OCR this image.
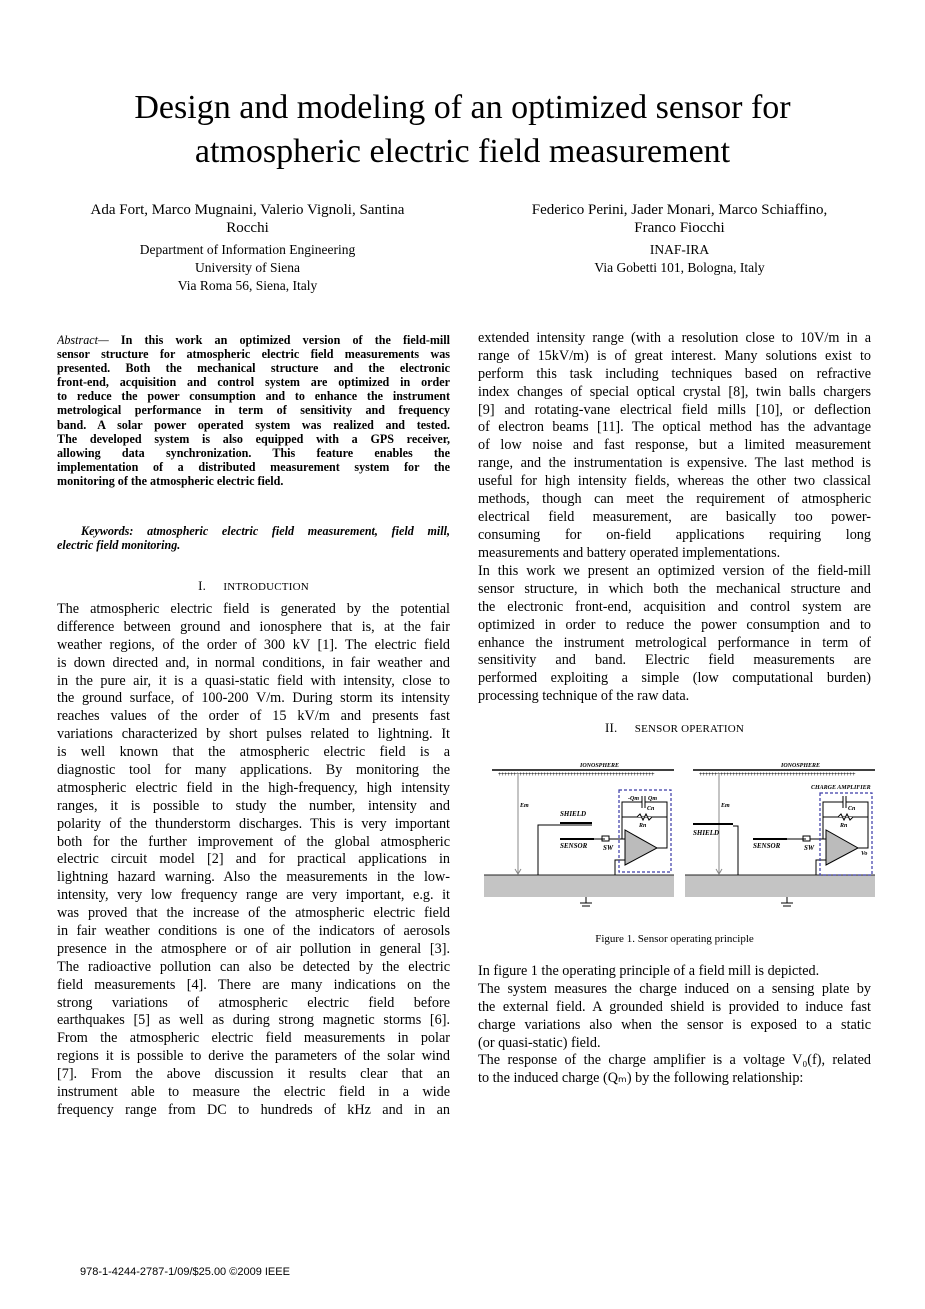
Design and modeling of an optimized sensor for
atmospheric electric field measurement
Ada Fort, Marco Mugnaini, Valerio Vignoli, Santina
Rocchi
Department of Information Engineering
University of Siena
Via Roma 56, Siena, Italy
Federico Perini, Jader Monari, Marco Schiaffino,
Franco Fiocchi
INAF-IRA
Via Gobetti 101, Bologna, Italy
Abstract— In this work an optimized version of the field-mill
sensor structure for atmospheric electric field measurements was
presented. Both the mechanical structure and the electronic
front-end, acquisition and control system are optimized in order
to reduce the power consumption and to enhance the instrument
metrological performance in term of sensitivity and frequency
band. A solar power operated system was realized and tested.
The developed system is also equipped with a GPS receiver,
allowing data synchronization. This feature enables the
implementation of a distributed measurement system for the
monitoring of the atmospheric electric field.
Keywords: atmospheric electric field measurement, field mill,
electric field monitoring.
I. INTRODUCTION
The atmospheric electric field is generated by the potential
difference between ground and ionosphere that is, at the fair
weather regions, of the order of 300 kV [1]. The electric field
is down directed and, in normal conditions, in fair weather and
in the pure air, it is a quasi-static field with intensity, close to
the ground surface, of 100-200 V/m. During storm its intensity
reaches values of the order of 15 kV/m and presents fast
variations characterized by short pulses related to lightning. It
is well known that the atmospheric electric field is a
diagnostic tool for many applications. By monitoring the
atmospheric electric field in the high-frequency, high intensity
ranges, it is possible to study the number, intensity and
polarity of the thunderstorm discharges. This is very important
both for the further improvement of the global atmospheric
electric circuit model [2] and for practical applications in
lightning hazard warning. Also the measurements in the low-
intensity, very low frequency range are very important, e.g. it
was proved that the increase of the atmospheric electric field
in fair weather conditions is one of the indicators of aerosols
presence in the atmosphere or of air pollution in general [3].
The radioactive pollution can also be detected by the electric
field measurements [4]. There are many indications on the
strong variations of atmospheric electric field before
earthquakes [5] as well as during strong magnetic storms [6].
From the atmospheric electric field measurements in polar
regions it is possible to derive the parameters of the solar wind
[7]. From the above discussion it results clear that an
instrument able to measure the electric field in a wide
frequency range from DC to hundreds of kHz and in an
extended intensity range (with a resolution close to 10V/m in a
range of 15kV/m) is of great interest. Many solutions exist to
perform this task including techniques based on refractive
index changes of special optical crystal [8], twin balls chargers
[9] and rotating-vane electrical field mills [10], or deflection
of electron beams [11]. The optical method has the advantage
of low noise and fast response, but a limited measurement
range, and the instrumentation is expensive. The last method is
useful for high intensity fields, whereas the other two classical
methods, though can meet the requirement of atmospheric
electrical field measurement, are basically too power-
consuming for on-field applications requiring long
measurements and battery operated implementations.
In this work we present an optimized version of the field-mill
sensor structure, in which both the mechanical structure and
the electronic front-end, acquisition and control system are
optimized in order to reduce the power consumption and to
enhance the instrument metrological performance in term of
sensitivity and band. Electric field measurements are
performed exploiting a simple (low computational burden)
processing technique of the raw data.
II. SENSOR OPERATION
++++++++++++++++++++++++++++++++++++++++++++++++++++
IONOSPHERE
Em
SHIELD
SENSOR SW
Cn
Rn
-Qm Qm
++++++++++++++++++++++++++++++++++++++++++++++++++++
IONOSPHERE
Em
SHIELD
SENSOR	SW
Cn
Rn
Vo
CHARGE AMPLIFIER
Figure 1. Sensor operating principle
In figure 1 the operating principle of a field mill is depicted.
The system measures the charge induced on a sensing plate by
the external field. A grounded shield is provided to induce fast
charge variations also when the sensor is exposed to a static
(or quasi-static) field.
The response of the charge amplifier is a voltage V₀(f), related
to the induced charge (Qₘ) by the following relationship:
978-1-4244-2787-1/09/$25.00 ©2009 IEEE
